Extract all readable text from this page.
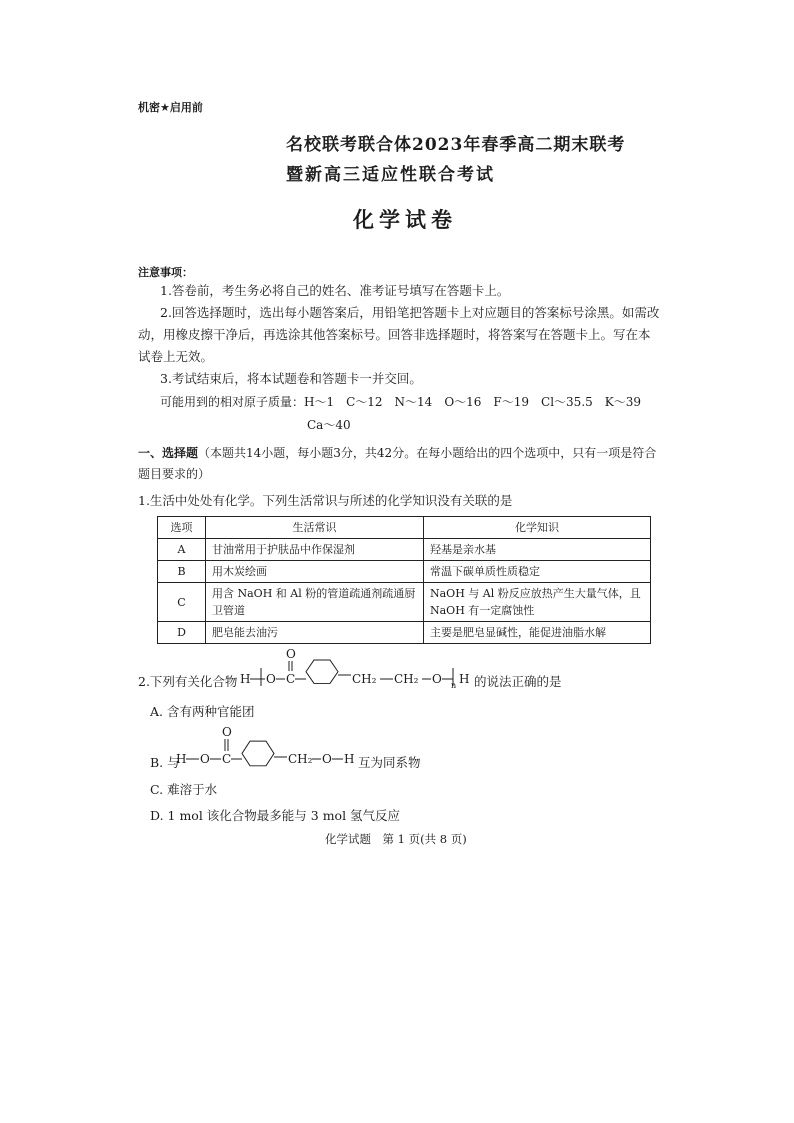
机密★启用前
名校联考联合体2023年春季高二期末联考
暨新高三适应性联合考试
化学试卷
注意事项：
1.答卷前，考生务必将自己的姓名、准考证号填写在答题卡上。
2.回答选择题时，选出每小题答案后，用铅笔把答题卡上对应题目的答案标号涂黑。如需改动，用橡皮擦干净后，再选涂其他答案标号。回答非选择题时，将答案写在答题卡上。写在本试卷上无效。
3.考试结束后，将本试题卷和答题卡一并交回。
可能用到的相对原子质量：H～1　C～12　N～14　O～16　F～19　Cl～35.5　K～39
Ca～40
一、选择题（本题共14小题，每小题3分，共42分。在每小题给出的四个选项中，只有一项是符合题目要求的）
1.生活中处处有化学。下列生活常识与所述的化学知识没有关联的是
选项	生活常识	化学知识
A	甘油常用于护肤品中作保湿剂	羟基是亲水基
B	用木炭绘画	常温下碳单质性质稳定
C	用含 NaOH 和 Al 粉的管道疏通剂疏通厨卫管道	NaOH 与 Al 粉反应放热产生大量气体，且 NaOH 有一定腐蚀性
D	肥皂能去油污	主要是肥皂显碱性，能促进油脂水解
2.下列有关化合物 H O C
O
CH₂ CH₂ O n H 的说法正确的是
A. 含有两种官能团
B. 与
H O C
O
CH₂ O H 互为同系物
C. 难溶于水
D. 1 mol 该化合物最多能与 3 mol 氢气反应
化学试题　第 1 页(共 8 页)
